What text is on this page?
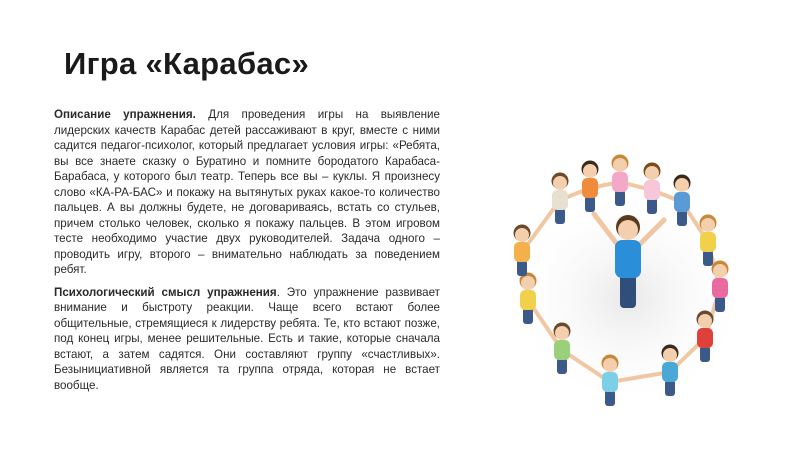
Игра «Карабас»

Описание упражнения. Для проведения игры на выявление лидерских качеств Карабас детей рассаживают в круг, вместе с ними садится педагог-психолог, который предлагает условия игры: «Ребята, вы все знаете сказку о Буратино и помните бородатого Карабаса-Барабаса, у которого был театр. Теперь все вы – куклы. Я произнесу слово «КА-РА-БАС» и покажу на вытянутых руках какое-то количество пальцев. А вы должны будете, не договариваясь, встать со стульев, причем столько человек, сколько я покажу пальцев. В этом игровом тесте необходимо участие двух руководителей. Задача одного – проводить игру, второго – внимательно наблюдать за поведением ребят.

Психологический смысл упражнения. Это упражнение развивает внимание и быстроту реакции. Чаще всего встают более общительные, стремящиеся к лидерству ребята. Те, кто встают позже, под конец игры, менее решительные. Есть и такие, которые сначала встают, а затем садятся. Они составляют группу «счастливых». Безынициативной является та группа отряда, которая не встает вообще.
